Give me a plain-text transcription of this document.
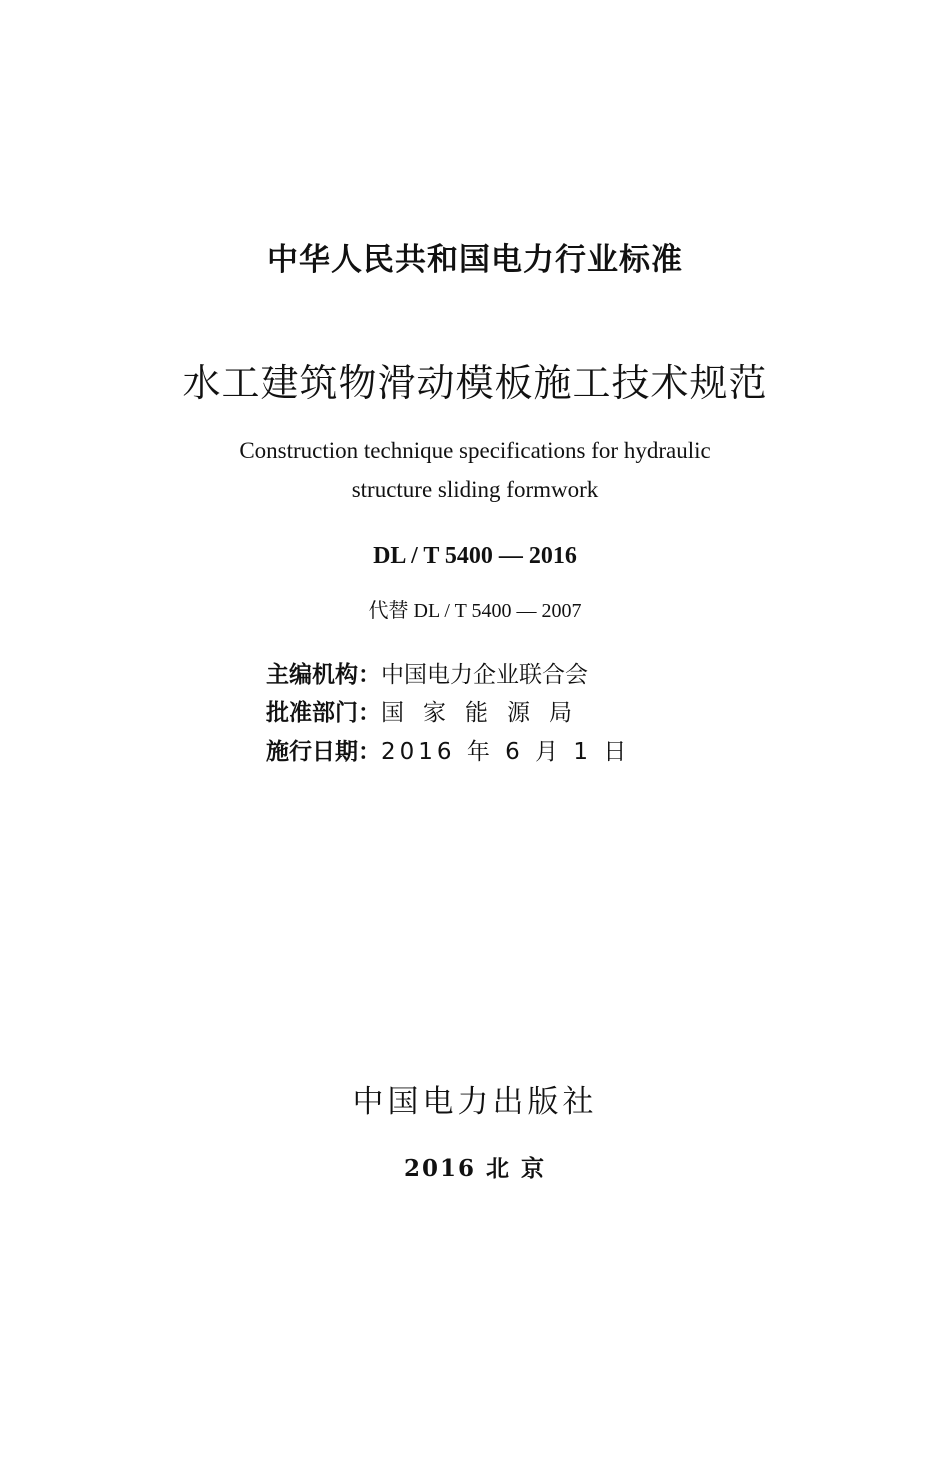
中华人民共和国电力行业标准
水工建筑物滑动模板施工技术规范
Construction technique specifications for hydraulic
structure sliding formwork
DL / T 5400 — 2016
代替 DL / T 5400 — 2007
主编机构：中国电力企业联合会
批准部门：国家能源局
施行日期：2016 年 6 月 1 日
中国电力出版社
2016 北 京
